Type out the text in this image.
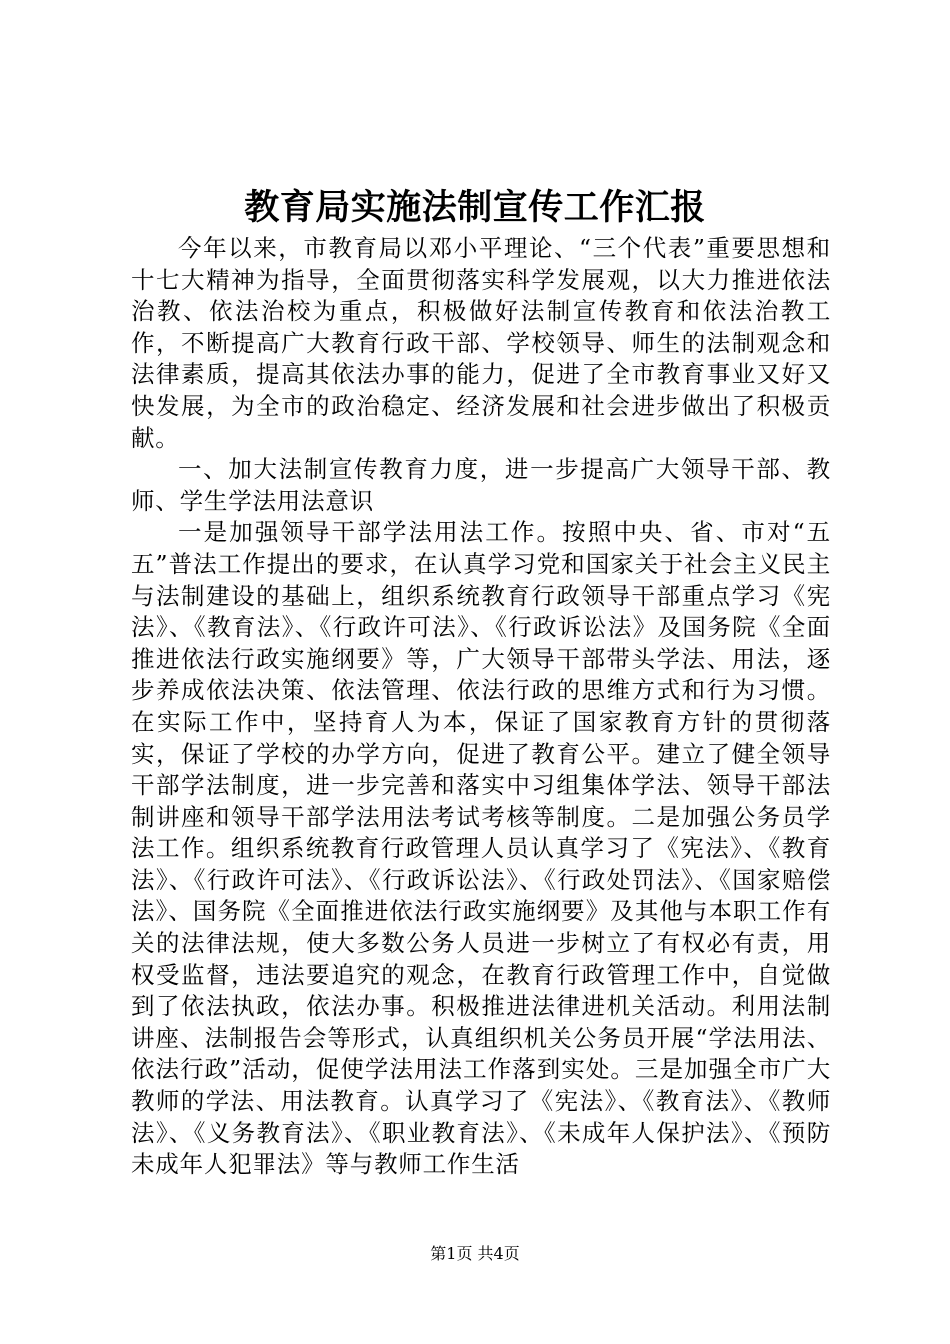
教育局实施法制宣传工作汇报

今年以来，市教育局以邓小平理论、“三个代表”重要思想和十七大精神为指导，全面贯彻落实科学发展观，以大力推进依法治教、依法治校为重点，积极做好法制宣传教育和依法治教工作，不断提高广大教育行政干部、学校领导、师生的法制观念和法律素质，提高其依法办事的能力，促进了全市教育事业又好又快发展，为全市的政治稳定、经济发展和社会进步做出了积极贡献。

一、加大法制宣传教育力度，进一步提高广大领导干部、教师、学生学法用法意识

一是加强领导干部学法用法工作。按照中央、省、市对“五五”普法工作提出的要求，在认真学习党和国家关于社会主义民主与法制建设的基础上，组织系统教育行政领导干部重点学习《宪法》、《教育法》、《行政许可法》、《行政诉讼法》及国务院《全面推进依法行政实施纲要》等，广大领导干部带头学法、用法，逐步养成依法决策、依法管理、依法行政的思维方式和行为习惯。在实际工作中，坚持育人为本，保证了国家教育方针的贯彻落实，保证了学校的办学方向，促进了教育公平。建立了健全领导干部学法制度，进一步完善和落实中习组集体学法、领导干部法制讲座和领导干部学法用法考试考核等制度。二是加强公务员学法工作。组织系统教育行政管理人员认真学习了《宪法》、《教育法》、《行政许可法》、《行政诉讼法》、《行政处罚法》、《国家赔偿法》、国务院《全面推进依法行政实施纲要》及其他与本职工作有关的法律法规，使大多数公务人员进一步树立了有权必有责，用权受监督，违法要追究的观念，在教育行政管理工作中，自觉做到了依法执政，依法办事。积极推进法律进机关活动。利用法制讲座、法制报告会等形式，认真组织机关公务员开展“学法用法、依法行政”活动，促使学法用法工作落到实处。三是加强全市广大教师的学法、用法教育。认真学习了《宪法》、《教育法》、《教师法》、《义务教育法》、《职业教育法》、《未成年人保护法》、《预防未成年人犯罪法》等与教师工作生活

第1页 共4页
